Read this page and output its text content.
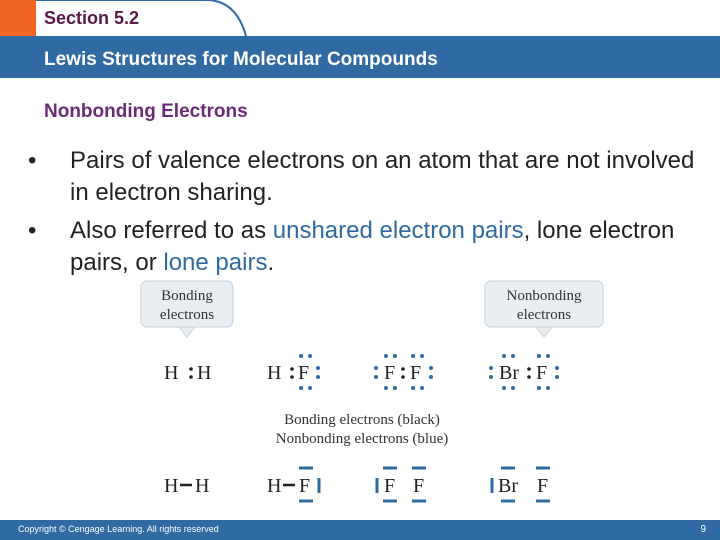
Section 5.2
Lewis Structures for Molecular Compounds
Nonbonding Electrons
• Pairs of valence electrons on an atom that are not involved in electron sharing.
• Also referred to as unshared electron pairs, lone electron pairs, or lone pairs.
Bonding
electrons
Nonbonding
electrons
H H	H F	F F	Br F
Bonding electrons (black)
Nonbonding electrons (blue)
H H	H F	F F	Br F
Copyright © Cengage Learning. All rights reserved	9
